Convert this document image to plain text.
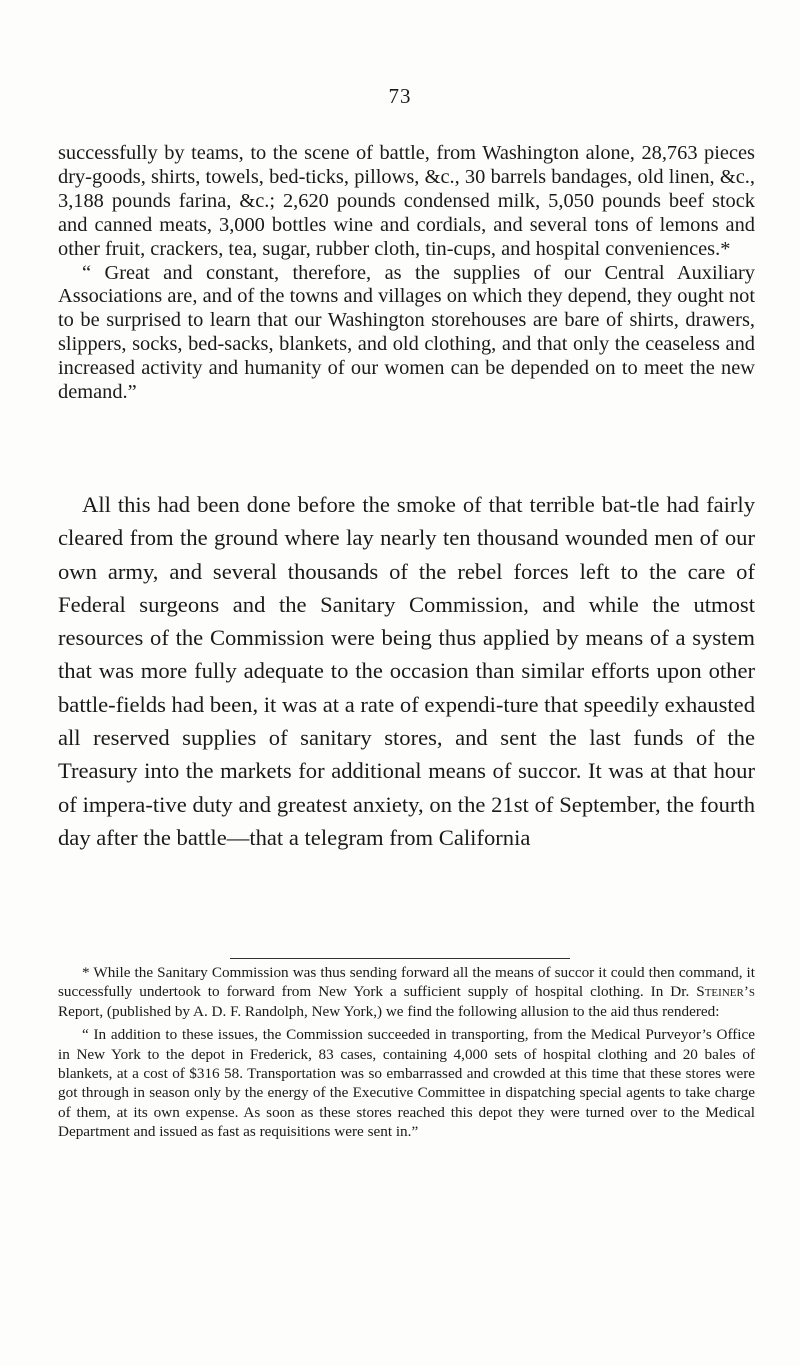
73

successfully by teams, to the scene of battle, from Washington alone, 28,763 pieces dry-goods, shirts, towels, bed-ticks, pillows, &c., 30 barrels bandages, old linen, &c., 3,188 pounds farina, &c.; 2,620 pounds condensed milk, 5,050 pounds beef stock and canned meats, 3,000 bottles wine and cordials, and several tons of lemons and other fruit, crackers, tea, sugar, rubber cloth, tin-cups, and hospital conveniences.*

“ Great and constant, therefore, as the supplies of our Central Auxiliary Associations are, and of the towns and villages on which they depend, they ought not to be surprised to learn that our Washington storehouses are bare of shirts, drawers, slippers, socks, bed-sacks, blankets, and old clothing, and that only the ceaseless and increased activity and humanity of our women can be depended on to meet the new demand.”

All this had been done before the smoke of that terrible bat-tle had fairly cleared from the ground where lay nearly ten thousand wounded men of our own army, and several thousands of the rebel forces left to the care of Federal surgeons and the Sanitary Commission, and while the utmost resources of the Commission were being thus applied by means of a system that was more fully adequate to the occasion than similar efforts upon other battle-fields had been, it was at a rate of expendi-ture that speedily exhausted all reserved supplies of sanitary stores, and sent the last funds of the Treasury into the markets for additional means of succor. It was at that hour of impera-tive duty and greatest anxiety, on the 21st of September, the fourth day after the battle—that a telegram from California

* While the Sanitary Commission was thus sending forward all the means of succor it could then command, it successfully undertook to forward from New York a sufficient supply of hospital clothing. In Dr. Steiner’s Report, (published by A. D. F. Randolph, New York,) we find the following allusion to the aid thus rendered:

“ In addition to these issues, the Commission succeeded in transporting, from the Medical Purveyor’s Office in New York to the depot in Frederick, 83 cases, containing 4,000 sets of hospital clothing and 20 bales of blankets, at a cost of $316 58. Transportation was so embarrassed and crowded at this time that these stores were got through in season only by the energy of the Executive Committee in dispatching special agents to take charge of them, at its own expense. As soon as these stores reached this depot they were turned over to the Medical Department and issued as fast as requisitions were sent in.”
